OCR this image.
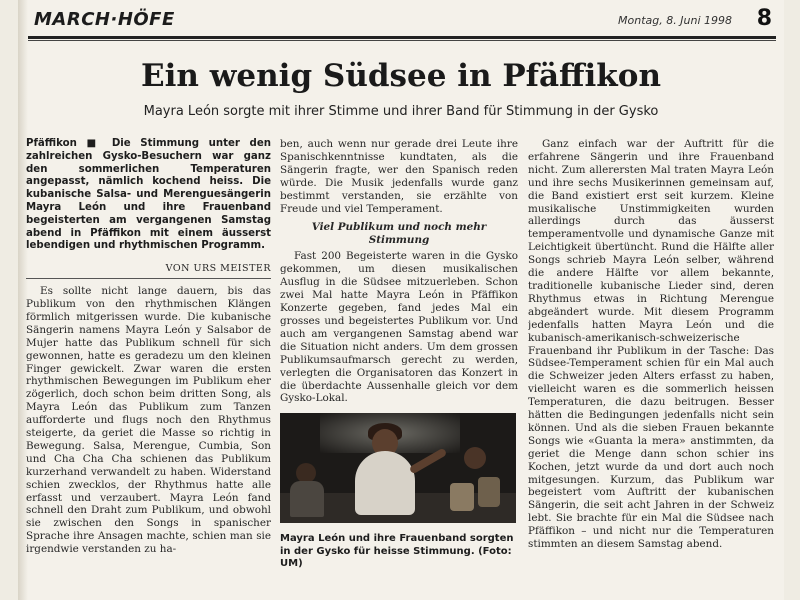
MARCH·HÖFE	Montag, 8. Juni 1998 8
Ein wenig Südsee in Pfäffikon
Mayra León sorgte mit ihrer Stimme und ihrer Band für Stimmung in der Gysko

Pfäffikon ■ Die Stimmung unter den zahlreichen Gysko-Besuchern war ganz den sommerlichen Temperaturen angepasst, nämlich kochend heiss. Die kubanische Salsa- und Merenguesängerin Mayra León und ihre Frauenband begeisterten am vergangenen Samstag abend in Pfäffikon mit einem äusserst lebendigen und rhythmischen Programm.

VON URS MEISTER

Es sollte nicht lange dauern, bis das Publikum von den rhythmischen Klängen förmlich mitgerissen wurde. Die kubanische Sängerin namens Mayra León y Salsabor de Mujer hatte das Publikum schnell für sich gewonnen, hatte es geradezu um den kleinen Finger gewickelt. Zwar waren die ersten rhythmischen Bewegungen im Publikum eher zögerlich, doch schon beim dritten Song, als Mayra León das Publikum zum Tanzen aufforderte und flugs noch den Rhythmus steigerte, da geriet die Masse so richtig in Bewegung. Salsa, Merengue, Cumbia, Son und Cha Cha Cha schienen das Publikum kurzerhand verwandelt zu haben. Widerstand schien zwecklos, der Rhythmus hatte alle erfasst und verzaubert. Mayra León fand schnell den Draht zum Publikum, und obwohl sie zwischen den Songs in spanischer Sprache ihre Ansagen machte, schien man sie irgendwie verstanden zu ha-

ben, auch wenn nur gerade drei Leute ihre Spanischkenntnisse kundtaten, als die Sängerin fragte, wer den Spanisch reden würde. Die Musik jedenfalls wurde ganz bestimmt verstanden, sie erzählte von Freude und viel Temperament.

Viel Publikum und noch mehr Stimmung

Fast 200 Begeisterte waren in die Gysko gekommen, um diesen musikalischen Ausflug in die Südsee mitzuerleben. Schon zwei Mal hatte Mayra León in Pfäffikon Konzerte gegeben, fand jedes Mal ein grosses und begeistertes Publikum vor. Und auch am vergangenen Samstag abend war die Situation nicht anders. Um dem grossen Publikumsaufmarsch gerecht zu werden, verlegten die Organisatoren das Konzert in die überdachte Aussenhalle gleich vor dem Gysko-Lokal.

Mayra León und ihre Frauenband sorgten in der Gysko für heisse Stimmung. (Foto: UM)

Ganz einfach war der Auftritt für die erfahrene Sängerin und ihre Frauenband nicht. Zum allerersten Mal traten Mayra León und ihre sechs Musikerinnen gemeinsam auf, die Band existiert erst seit kurzem. Kleine musikalische Unstimmigkeiten wurden allerdings durch das äusserst temperamentvolle und dynamische Ganze mit Leichtigkeit übertüncht. Rund die Hälfte aller Songs schrieb Mayra León selber, während die andere Hälfte vor allem bekannte, traditionelle kubanische Lieder sind, deren Rhythmus etwas in Richtung Merengue abgeändert wurde. Mit diesem Programm jedenfalls hatten Mayra León und die kubanisch-amerikanisch-schweizerische Frauenband ihr Publikum in der Tasche: Das Südsee-Temperament schien für ein Mal auch die Schweizer jeden Alters erfasst zu haben, vielleicht waren es die sommerlich heissen Temperaturen, die dazu beitrugen. Besser hätten die Bedingungen jedenfalls nicht sein können. Und als die sieben Frauen bekannte Songs wie «Guanta la mera» anstimmten, da geriet die Menge dann schon schier ins Kochen, jetzt wurde da und dort auch noch mitgesungen. Kurzum, das Publikum war begeistert vom Auftritt der kubanischen Sängerin, die seit acht Jahren in der Schweiz lebt. Sie brachte für ein Mal die Südsee nach Pfäffikon – und nicht nur die Temperaturen stimmten an diesem Samstag abend.
